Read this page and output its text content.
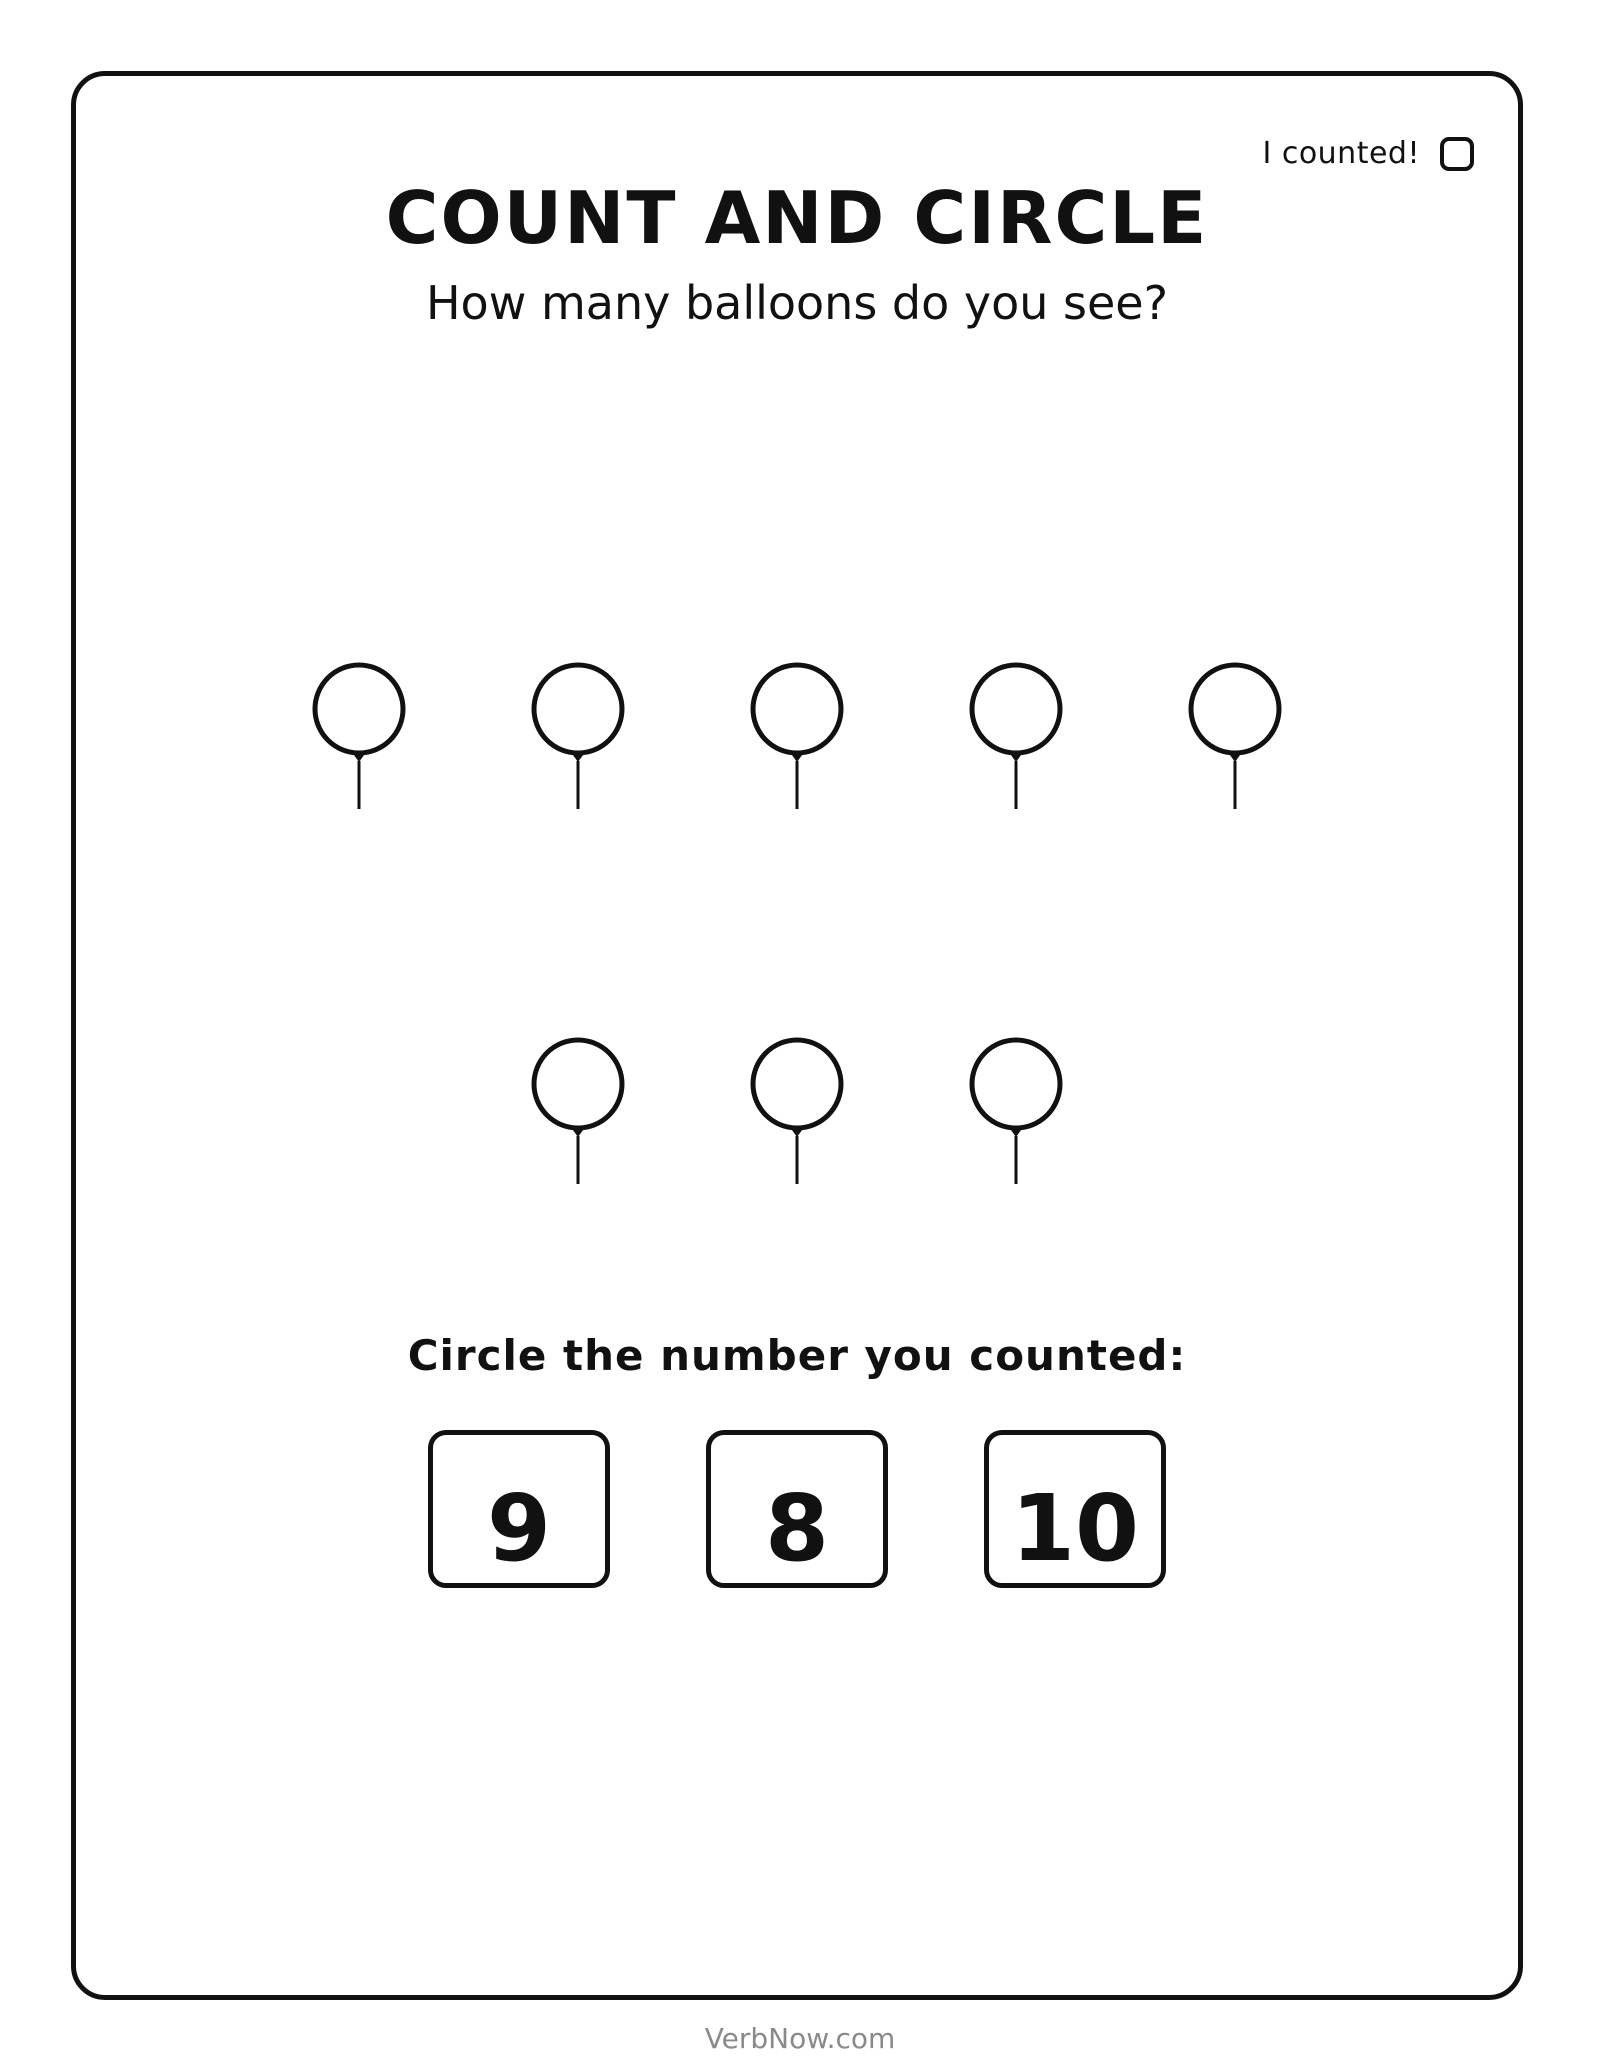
I counted!
COUNT AND CIRCLE

How many balloons do you see?

Circle the number you counted:

9	8	10

VerbNow.com
